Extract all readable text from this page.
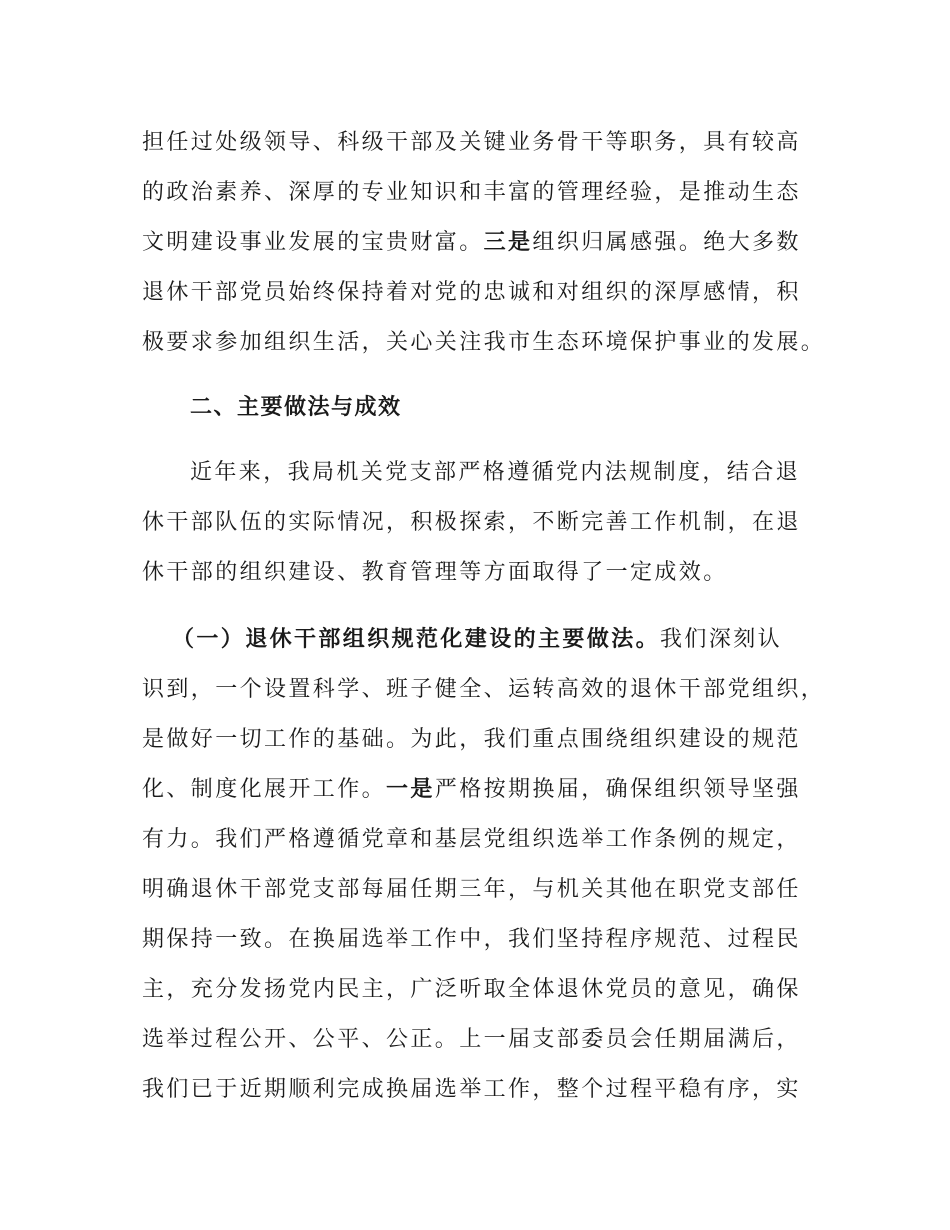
担任过处级领导、科级干部及关键业务骨干等职务，具有较高

的政治素养、深厚的专业知识和丰富的管理经验，是推动生态

文明建设事业发展的宝贵财富。三是组织归属感强。绝大多数

退休干部党员始终保持着对党的忠诚和对组织的深厚感情，积

极要求参加组织生活，关心关注我市生态环境保护事业的发展。

二、主要做法与成效

近年来，我局机关党支部严格遵循党内法规制度，结合退

休干部队伍的实际情况，积极探索，不断完善工作机制，在退

休干部的组织建设、教育管理等方面取得了一定成效。

（一）退休干部组织规范化建设的主要做法。我们深刻认

识到，一个设置科学、班子健全、运转高效的退休干部党组织，

是做好一切工作的基础。为此，我们重点围绕组织建设的规范

化、制度化展开工作。一是严格按期换届，确保组织领导坚强

有力。我们严格遵循党章和基层党组织选举工作条例的规定，

明确退休干部党支部每届任期三年，与机关其他在职党支部任

期保持一致。在换届选举工作中，我们坚持程序规范、过程民

主，充分发扬党内民主，广泛听取全体退休党员的意见，确保

选举过程公开、公平、公正。上一届支部委员会任期届满后，

我们已于近期顺利完成换届选举工作，整个过程平稳有序，实
